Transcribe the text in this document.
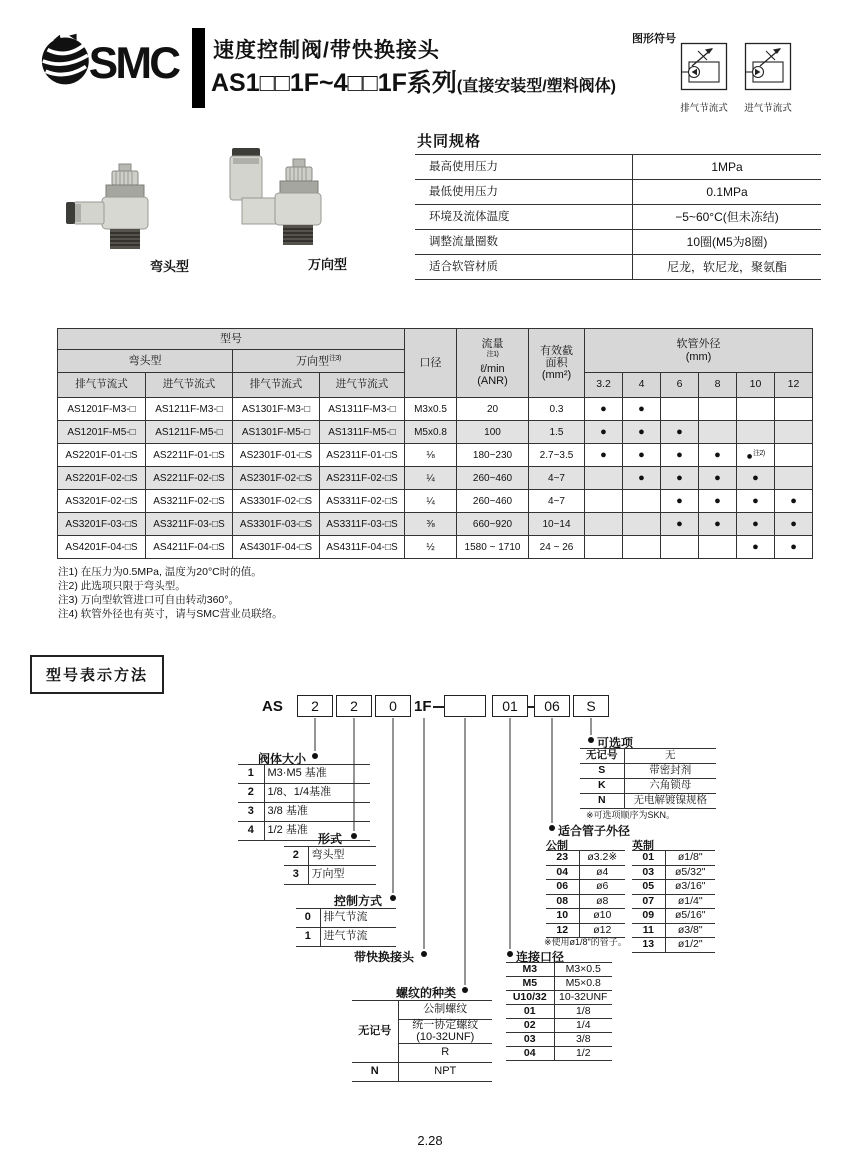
SMC 速度控制阀/带快换接头
AS1□□1F~4□□1F系列(直接安装型/塑料阀体)
图形符号
排气节流式	进气节流式
弯头型	万向型
共同规格
最高使用压力	1MPa
最低使用压力	0.1MPa
环境及流体温度	−5~60°C(但未冻结)
调整流量圈数	10圈(M5为8圈)
适合软管材质	尼龙，软尼龙，聚氨酯
型号				口径	流量
$^{注1)}$
ℓ/min
(ANR)	有效截
面积
(mm²)	软管外径
(mm)					

弯头型		万向型$^{注3)}$
排气节流式	进气节流式	排气节流式	进气节流式				3.2	4	6	8	10	12
AS1201F-M3-□	AS1211F-M3-□	AS1301F-M3-□	AS1311F-M3-□	M3x0.5	20	0.3	●	●				
AS1201F-M5-□	AS1211F-M5-□	AS1301F-M5-□	AS1311F-M5-□	M5x0.8	100	1.5	●	●	●			
AS2201F-01-□S	AS2211F-01-□S	AS2301F-01-□S	AS2311F-01-□S	⅛	180~230	2.7~3.5	●	●	●	●	●$^{注2)}$	
AS2201F-02-□S	AS2211F-02-□S	AS2301F-02-□S	AS2311F-02-□S	¼	260~460	4~7		●	●	●	●	
AS3201F-02-□S	AS3211F-02-□S	AS3301F-02-□S	AS3311F-02-□S	¼	260~460	4~7			●	●	●	●
AS3201F-03-□S	AS3211F-03-□S	AS3301F-03-□S	AS3311F-03-□S	⅜	660~920	10~14			●	●	●	●
AS4201F-04-□S	AS4211F-04-□S	AS4301F-04-□S	AS4311F-04-□S	½	1580 ~ 1710	24 ~ 26					●	●
注1) 在压力为0.5MPa, 温度为20°C时的值。
注2) 此选项只限于弯头型。
注3) 万向型软管进口可自由转动360°。
注4) 软管外径也有英寸，请与SMC营业员联络。
型号表示方法
AS	2	2	0	1F	01	06	S
阀体大小
1	M3·M5 基准
2	1/8、1/4基准
3	3/8 基准
4	1/2 基准
形式
2	弯头型
3	万向型
控制方式
0	排气节流
1	进气节流
带快换接头
螺纹的种类
无记号	公制螺纹
	统一协定螺纹
(10-32UNF)
	R
N	NPT
可选项
无记号	无
S	带密封剂
K	六角锁母
N	无电解镀镍规格
※可选项顺序为SKN。
适合管子外径
公制
23	ø3.2※
04	ø4
06	ø6
08	ø8
10	ø10
12	ø12
※使用ø1/8"的管子。
英制
01	ø1/8"
03	ø5/32"
05	ø3/16"
07	ø1/4"
09	ø5/16"
11	ø3/8"
13	ø1/2"
连接口径
M3	M3×0.5
M5	M5×0.8
U10/32	10-32UNF
01	1/8
02	1/4
03	3/8
04	1/2
2.28
